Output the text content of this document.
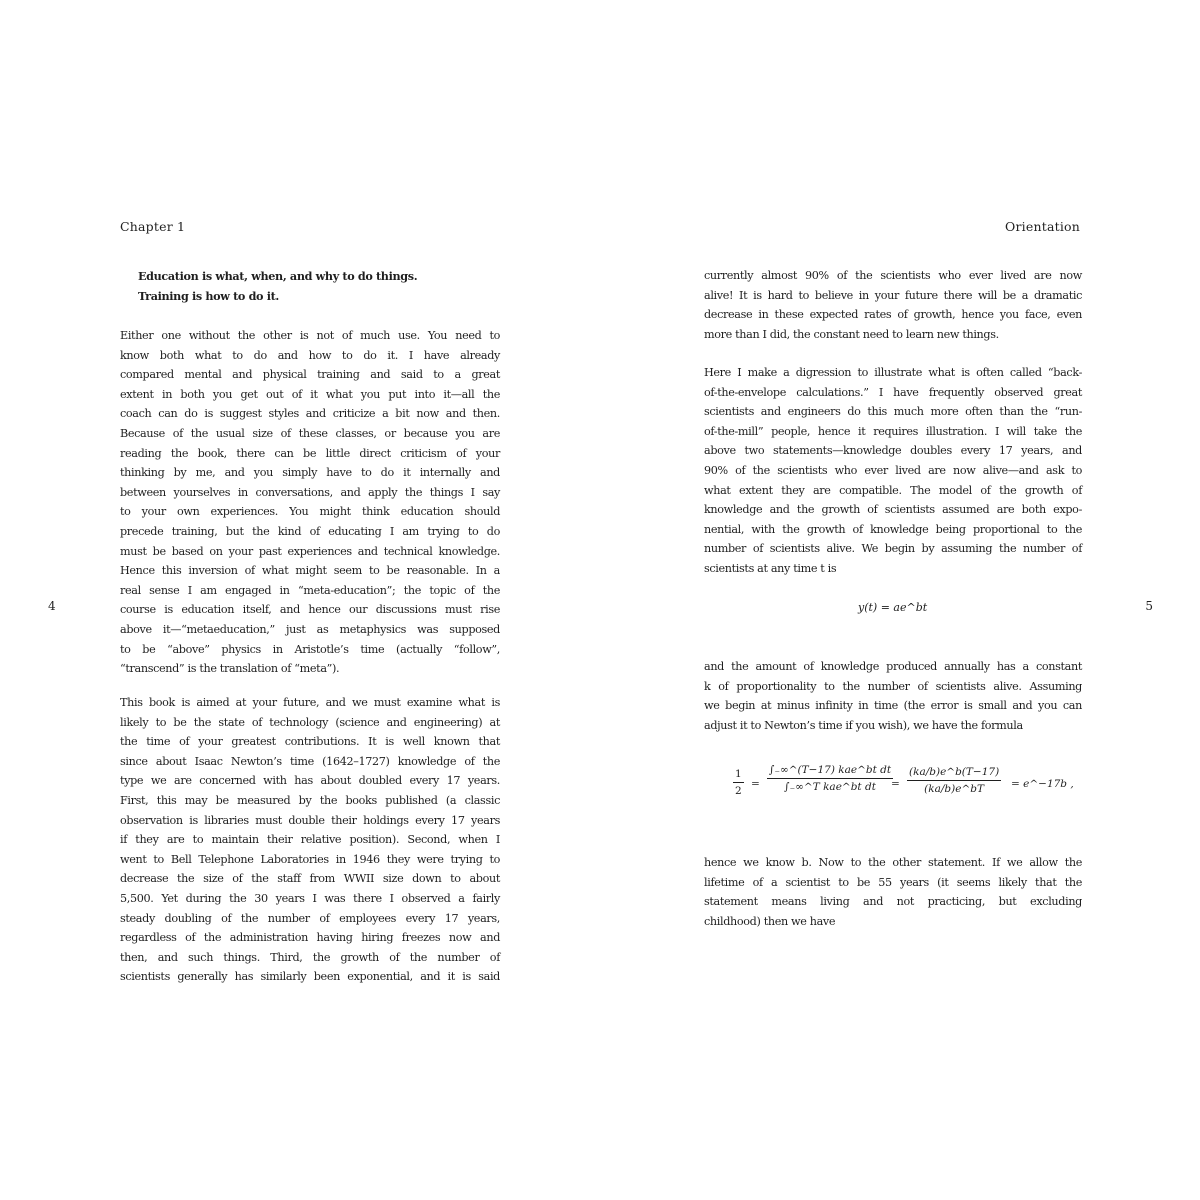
Chapter 1
Education is what, when, and why to do things.
Training is how to do it.
Either one without the other is not of much use. You need to
know both what to do and how to do it. I have already
compared mental and physical training and said to a great
extent in both you get out of it what you put into it—all the
coach can do is suggest styles and criticize a bit now and then.
Because of the usual size of these classes, or because you are
reading the book, there can be little direct criticism of your
thinking by me, and you simply have to do it internally and
between yourselves in conversations, and apply the things I say
to your own experiences. You might think education should
precede training, but the kind of educating I am trying to do
must be based on your past experiences and technical knowledge.
Hence this inversion of what might seem to be reasonable. In a
real sense I am engaged in “meta-education”; the topic of the
course is education itself, and hence our discussions must rise
above it—“metaeducation,” just as metaphysics was supposed
to be “above” physics in Aristotle’s time (actually “follow”,
“transcend” is the translation of “meta”).
This book is aimed at your future, and we must examine what is
likely to be the state of technology (science and engineering) at
the time of your greatest contributions. It is well known that
since about Isaac Newton’s time (1642–1727) knowledge of the
type we are concerned with has about doubled every 17 years.
First, this may be measured by the books published (a classic
observation is libraries must double their holdings every 17 years
if they are to maintain their relative position). Second, when I
went to Bell Telephone Laboratories in 1946 they were trying to
decrease the size of the staff from WWII size down to about
5,500. Yet during the 30 years I was there I observed a fairly
steady doubling of the number of employees every 17 years,
regardless of the administration having hiring freezes now and
then, and such things. Third, the growth of the number of
scientists generally has similarly been exponential, and it is said
4
Orientation
currently almost 90% of the scientists who ever lived are now
alive! It is hard to believe in your future there will be a dramatic
decrease in these expected rates of growth, hence you face, even
more than I did, the constant need to learn new things.
Here I make a digression to illustrate what is often called “back-
of-the-envelope calculations.” I have frequently observed great
scientists and engineers do this much more often than the “run-
of-the-mill” people, hence it requires illustration. I will take the
above two statements—knowledge doubles every 17 years, and
90% of the scientists who ever lived are now alive—and ask to
what extent they are compatible. The model of the growth of
knowledge and the growth of scientists assumed are both expo-
nential, with the growth of knowledge being proportional to the
number of scientists alive. We begin by assuming the number of
scientists at any time t is
y(t) = ae^bt
and the amount of knowledge produced annually has a constant
k of proportionality to the number of scientists alive. Assuming
we begin at minus infinity in time (the error is small and you can
adjust it to Newton’s time if you wish), we have the formula
1
2
=
∫₋∞^(T−17) kae^bt dt
∫₋∞^T kae^bt dt	=
(ka/b)e^b(T−17)
(ka/b)e^bT	= e^−17b ,
hence we know b. Now to the other statement. If we allow the
lifetime of a scientist to be 55 years (it seems likely that the
statement means living and not practicing, but excluding
childhood) then we have
5
